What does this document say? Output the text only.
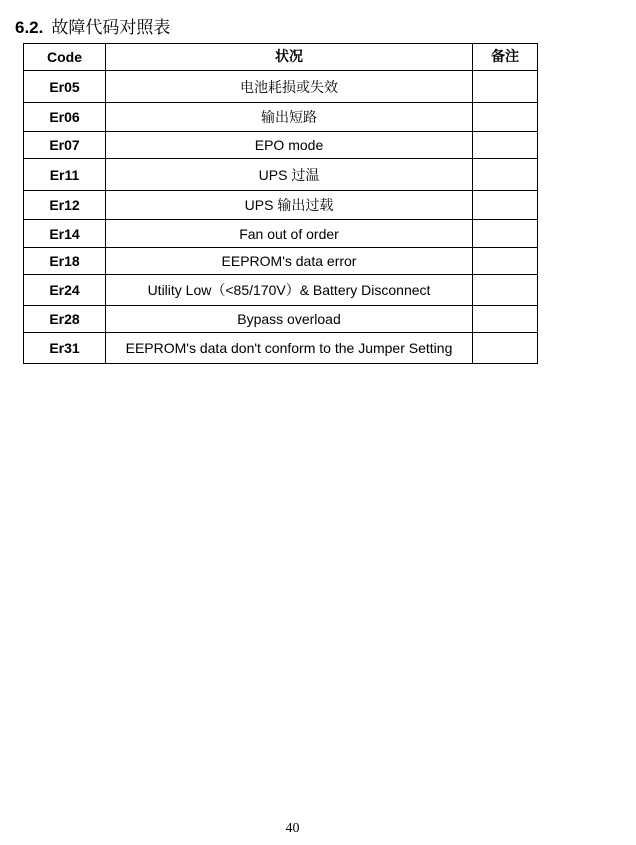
6.2. 故障代码对照表
Code	状况	备注
Er05	电池耗损或失效	
Er06	输出短路	
Er07	EPO mode	
Er11	UPS 过温	
Er12	UPS 输出过载	
Er14	Fan out of order	
Er18	EEPROM's data error	
Er24	Utility Low（<85/170V）& Battery Disconnect	
Er28	Bypass overload	
Er31	EEPROM's data don't conform to the Jumper Setting	
40
